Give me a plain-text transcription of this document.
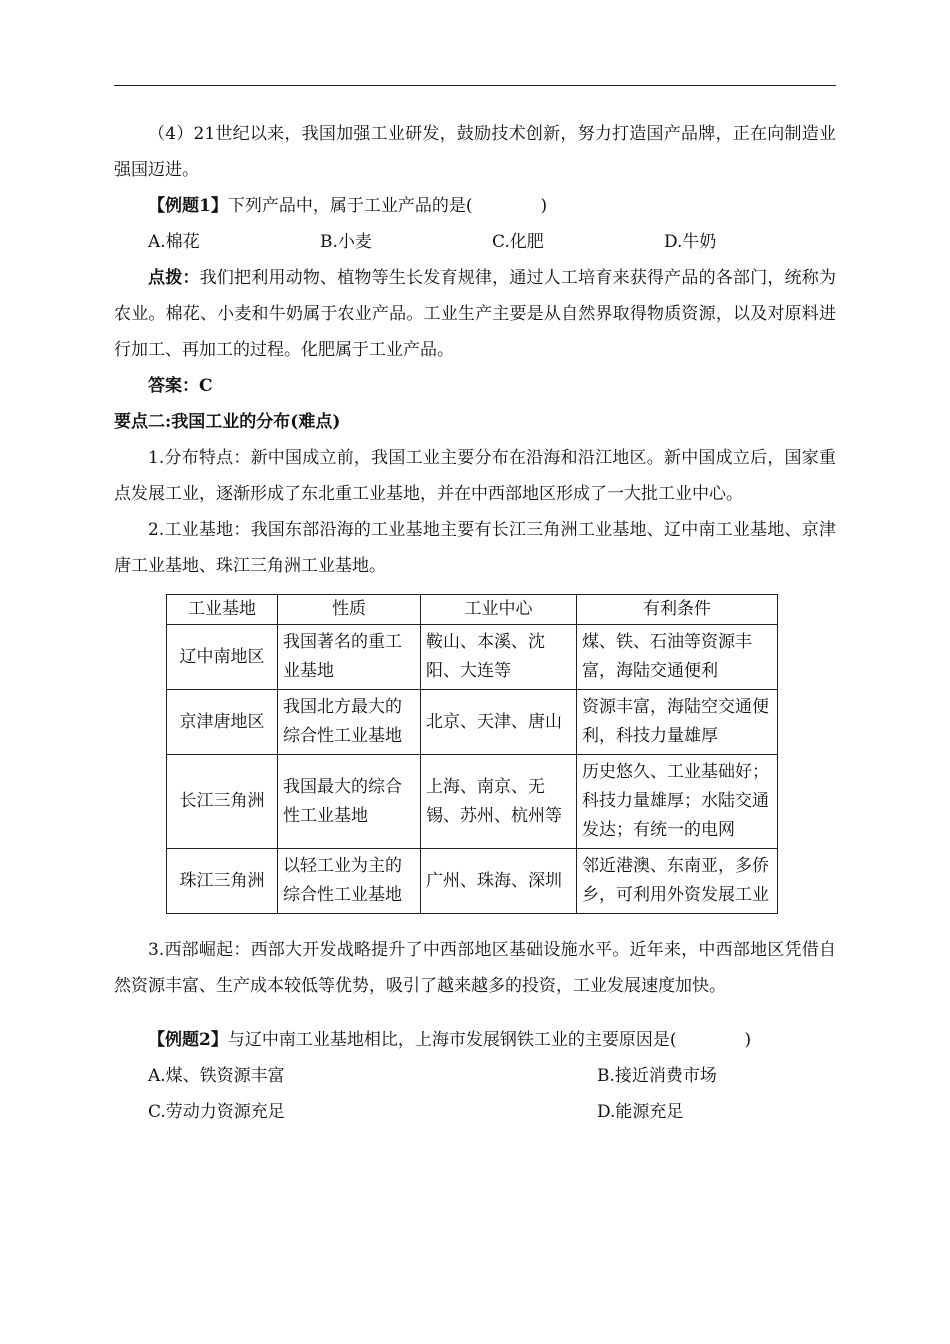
（4）21世纪以来，我国加强工业研发，鼓励技术创新，努力打造国产品牌，正在向制造业强国迈进。

【例题1】下列产品中，属于工业产品的是(　　　　)

A.棉花	B.小麦	C.化肥	D.牛奶

点拨：我们把利用动物、植物等生长发育规律，通过人工培育来获得产品的各部门，统称为农业。棉花、小麦和牛奶属于农业产品。工业生产主要是从自然界取得物质资源，以及对原料进行加工、再加工的过程。化肥属于工业产品。

答案：C

要点二:我国工业的分布(难点)

1.分布特点：新中国成立前，我国工业主要分布在沿海和沿江地区。新中国成立后，国家重点发展工业，逐渐形成了东北重工业基地，并在中西部地区形成了一大批工业中心。

2.工业基地：我国东部沿海的工业基地主要有长江三角洲工业基地、辽中南工业基地、京津唐工业基地、珠江三角洲工业基地。

工业基地	性质	工业中心	有利条件
辽中南地区	我国著名的重工业基地	鞍山、本溪、沈阳、大连等	煤、铁、石油等资源丰富，海陆交通便利
京津唐地区	我国北方最大的综合性工业基地	北京、天津、唐山	资源丰富，海陆空交通便利，科技力量雄厚
长江三角洲	我国最大的综合性工业基地	上海、南京、无锡、苏州、杭州等	历史悠久、工业基础好；科技力量雄厚；水陆交通发达；有统一的电网
珠江三角洲	以轻工业为主的综合性工业基地	广州、珠海、深圳	邻近港澳、东南亚，多侨乡，可利用外资发展工业

3.西部崛起：西部大开发战略提升了中西部地区基础设施水平。近年来，中西部地区凭借自然资源丰富、生产成本较低等优势，吸引了越来越多的投资，工业发展速度加快。

【例题2】与辽中南工业基地相比，上海市发展钢铁工业的主要原因是(　　　　)

A.煤、铁资源丰富	B.接近消费市场
C.劳动力资源充足	D.能源充足
